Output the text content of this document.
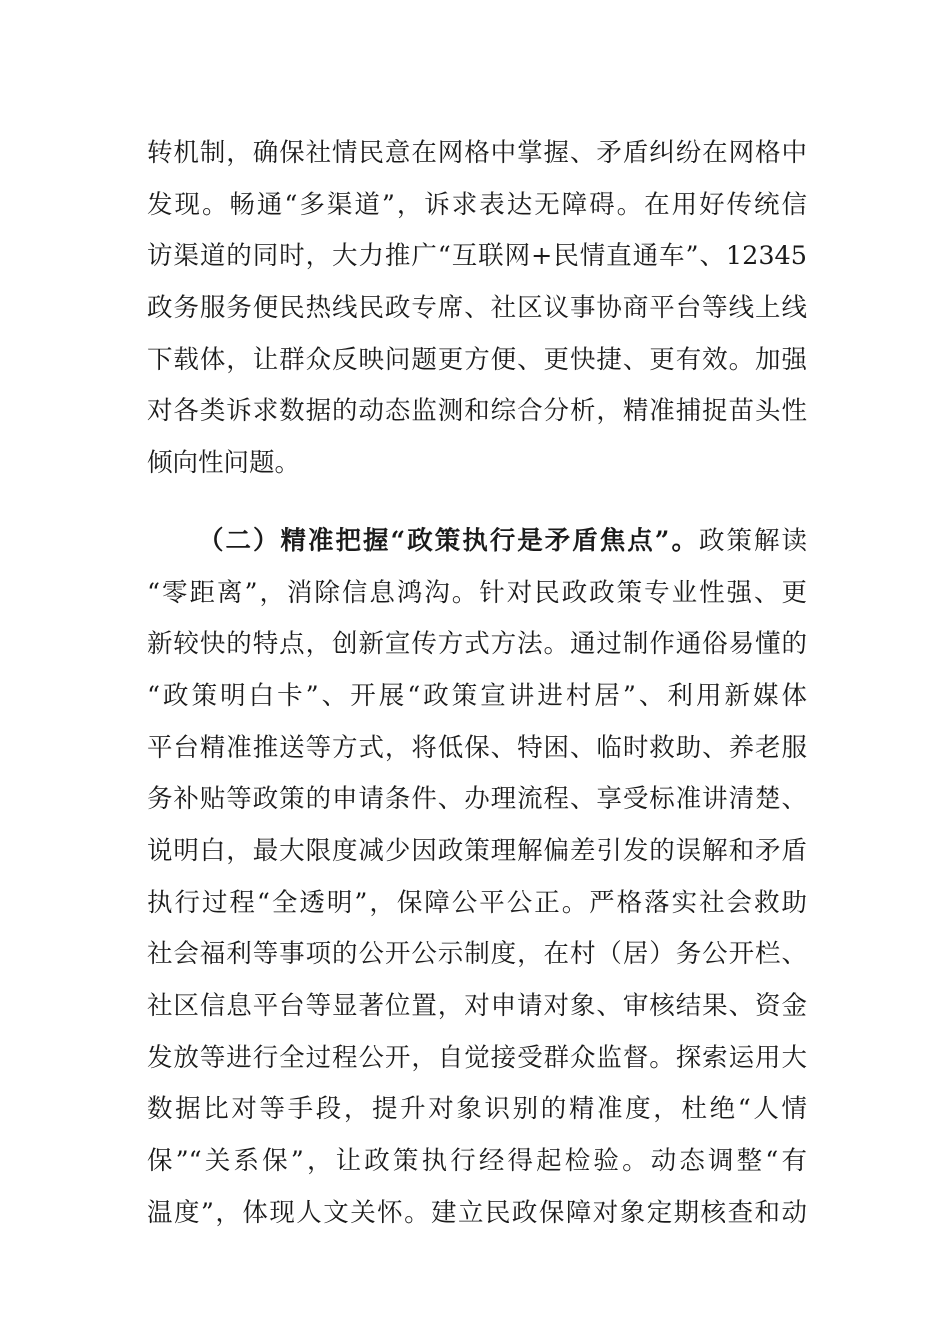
转机制，确保社情民意在网格中掌握、矛盾纠纷在网格中
发现。畅通“多渠道”，诉求表达无障碍。在用好传统信
访渠道的同时，大力推广“互联网+民情直通车”、12345
政务服务便民热线民政专席、社区议事协商平台等线上线
下载体，让群众反映问题更方便、更快捷、更有效。加强
对各类诉求数据的动态监测和综合分析，精准捕捉苗头性
倾向性问题。
（二）精准把握“政策执行是矛盾焦点”。政策解读
“零距离”，消除信息鸿沟。针对民政政策专业性强、更
新较快的特点，创新宣传方式方法。通过制作通俗易懂的
“政策明白卡”、开展“政策宣讲进村居”、利用新媒体
平台精准推送等方式，将低保、特困、临时救助、养老服
务补贴等政策的申请条件、办理流程、享受标准讲清楚、
说明白，最大限度减少因政策理解偏差引发的误解和矛盾
执行过程“全透明”，保障公平公正。严格落实社会救助
社会福利等事项的公开公示制度，在村（居）务公开栏、
社区信息平台等显著位置，对申请对象、审核结果、资金
发放等进行全过程公开，自觉接受群众监督。探索运用大
数据比对等手段，提升对象识别的精准度，杜绝“人情
保”“关系保”，让政策执行经得起检验。动态调整“有
温度”，体现人文关怀。建立民政保障对象定期核查和动
